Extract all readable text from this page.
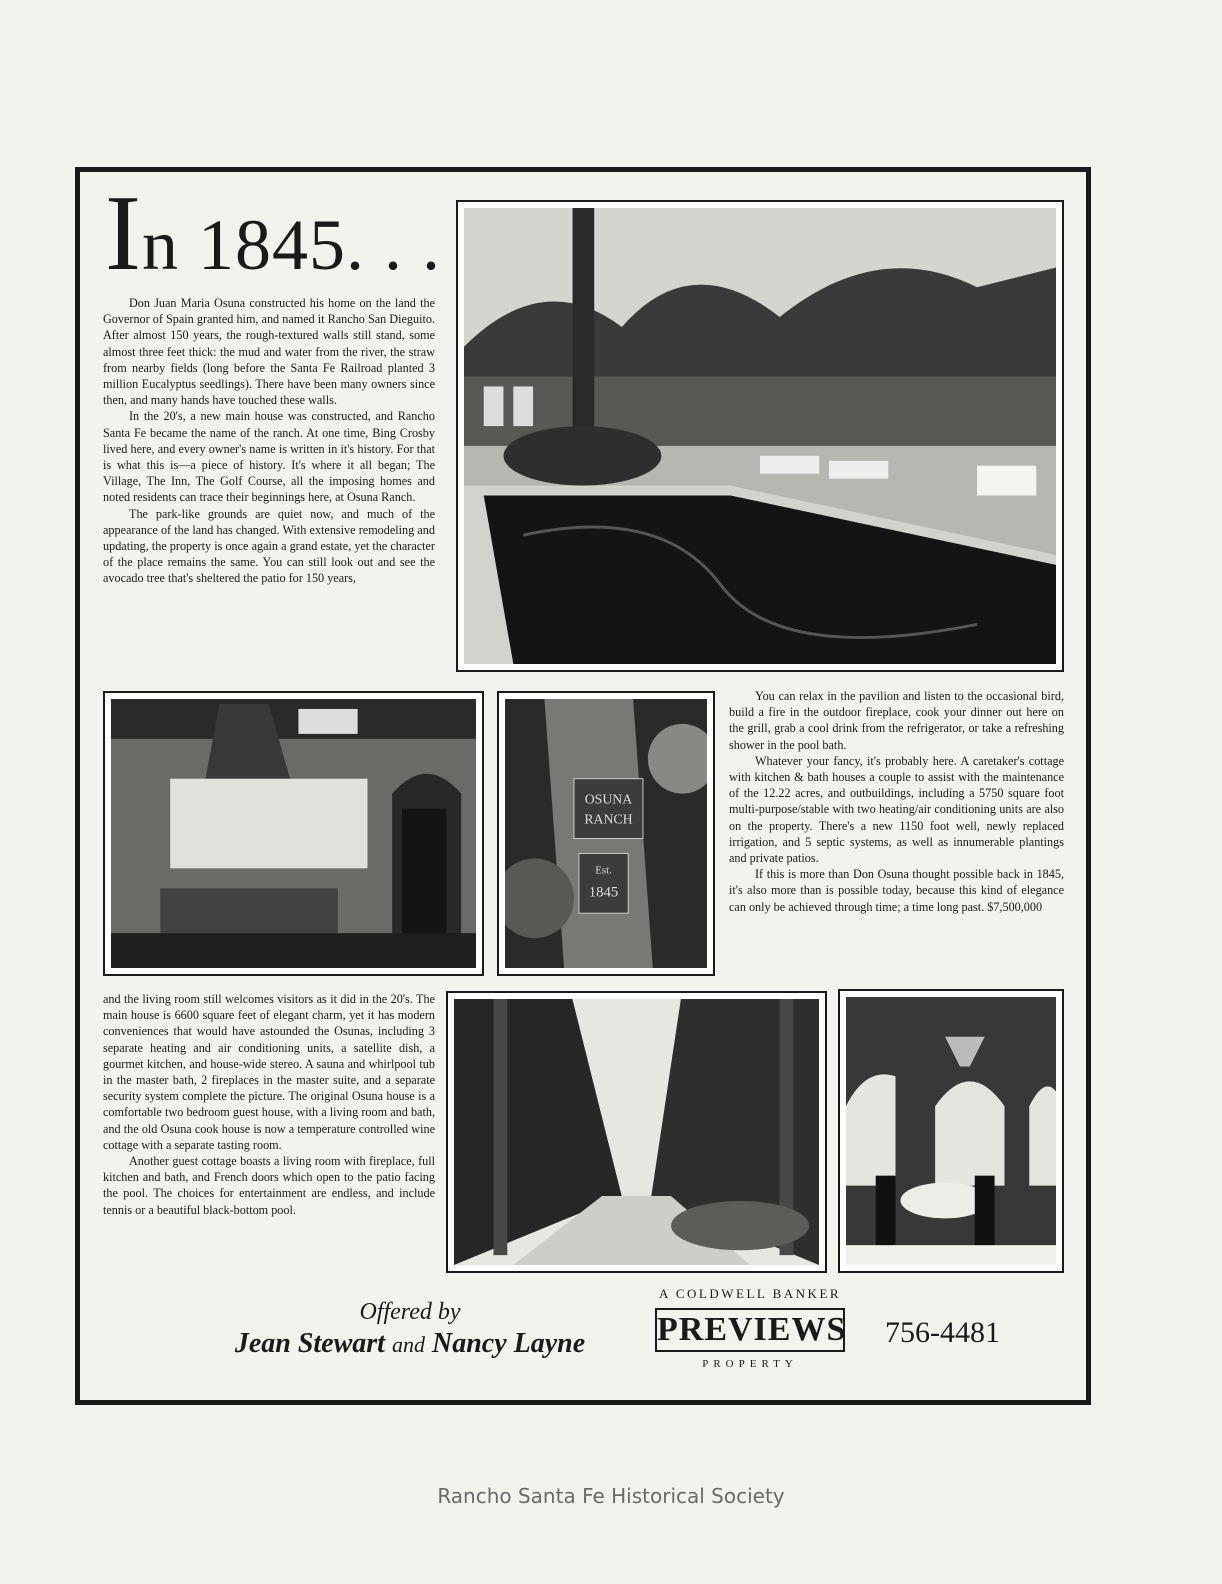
In 1845. . .

Don Juan Maria Osuna constructed his home on the land the Governor of Spain granted him, and named it Rancho San Dieguito. After almost 150 years, the rough-textured walls still stand, some almost three feet thick: the mud and water from the river, the straw from nearby fields (long before the Santa Fe Railroad planted 3 million Eucalyptus seedlings). There have been many owners since then, and many hands have touched these walls.

In the 20's, a new main house was constructed, and Rancho Santa Fe became the name of the ranch. At one time, Bing Crosby lived here, and every owner's name is written in it's history. For that is what this is—a piece of history. It's where it all began; The Village, The Inn, The Golf Course, all the imposing homes and noted residents can trace their beginnings here, at Osuna Ranch.

The park-like grounds are quiet now, and much of the appearance of the land has changed. With extensive remodeling and updating, the property is once again a grand estate, yet the character of the place remains the same. You can still look out and see the avocado tree that's sheltered the patio for 150 years,

OSUNA
RANCH
Est.
1845

You can relax in the pavilion and listen to the occasional bird, build a fire in the outdoor fireplace, cook your dinner out here on the grill, grab a cool drink from the refrigerator, or take a refreshing shower in the pool bath.

Whatever your fancy, it's probably here. A caretaker's cottage with kitchen & bath houses a couple to assist with the maintenance of the 12.22 acres, and outbuildings, including a 5750 square foot multi-purpose/stable with two heating/air conditioning units are also on the property. There's a new 1150 foot well, newly replaced irrigation, and 5 septic systems, as well as innumerable plantings and private patios.

If this is more than Don Osuna thought possible back in 1845, it's also more than is possible today, because this kind of elegance can only be achieved through time; a time long past. $7,500,000

and the living room still welcomes visitors as it did in the 20's. The main house is 6600 square feet of elegant charm, yet it has modern conveniences that would have astounded the Osunas, including 3 separate heating and air conditioning units, a satellite dish, a gourmet kitchen, and house-wide stereo. A sauna and whirlpool tub in the master bath, 2 fireplaces in the master suite, and a separate security system complete the picture. The original Osuna house is a comfortable two bedroom guest house, with a living room and bath, and the old Osuna cook house is now a temperature controlled wine cottage with a separate tasting room.

Another guest cottage boasts a living room with fireplace, full kitchen and bath, and French doors which open to the patio facing the pool. The choices for entertainment are endless, and include tennis or a beautiful black-bottom pool.

Offered by
Jean Stewart and Nancy Layne
A COLDWELL BANKER
PREVIEWS
PROPERTY
756-4481
Rancho Santa Fe Historical Society
